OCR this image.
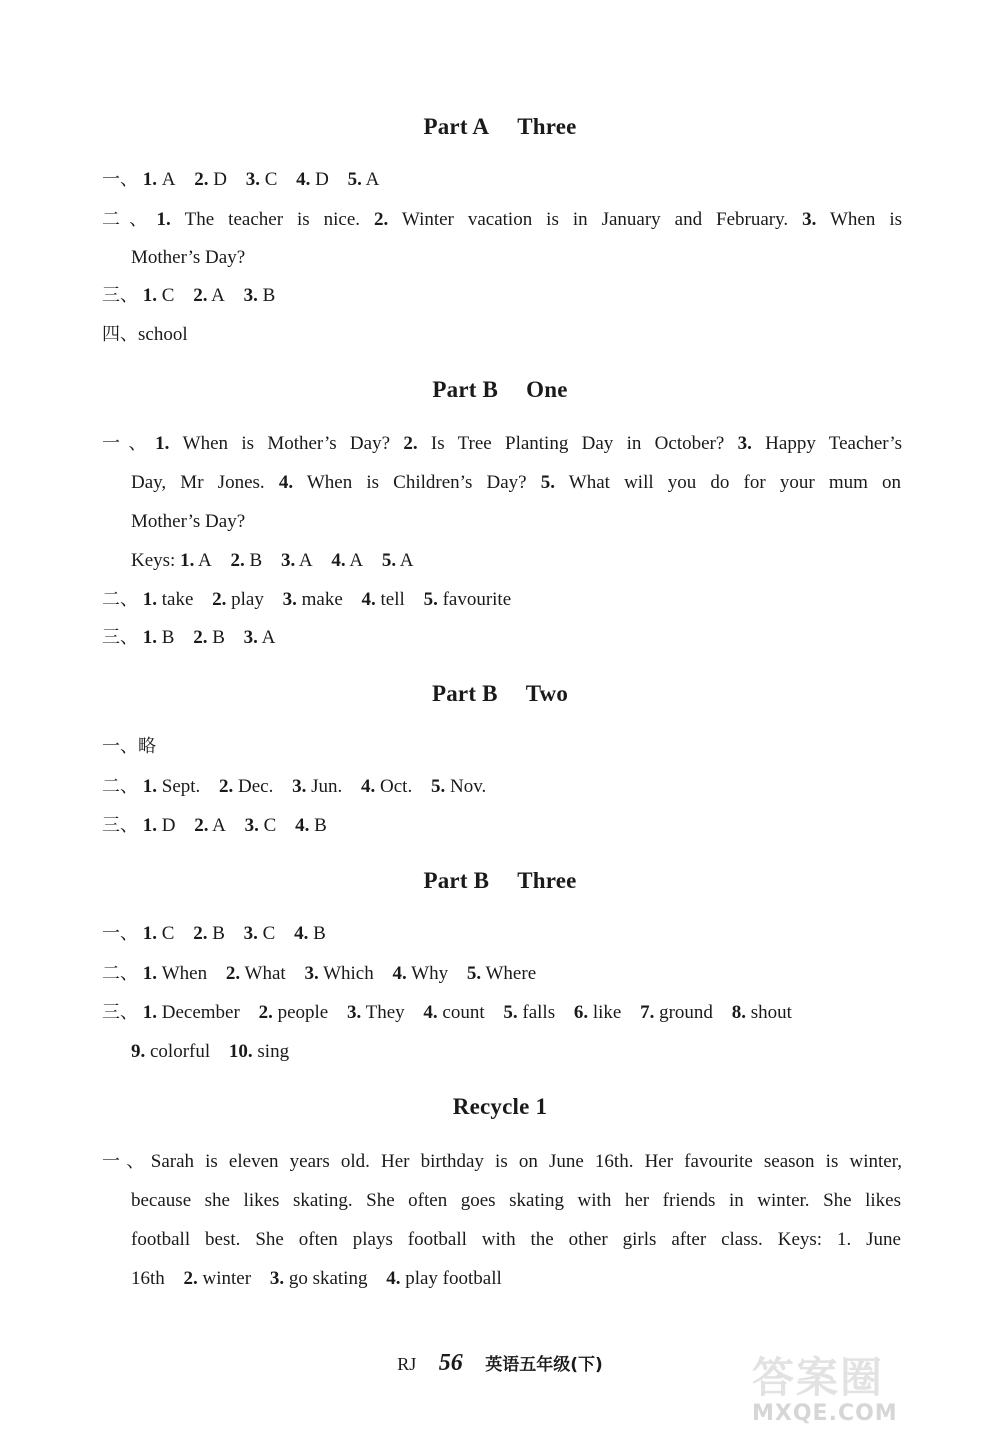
Part A Three
一、 1. A 2. D 3. C 4. D 5. A
二、1. The teacher is nice. 2. Winter vacation is in January and February. 3. When is
Mother’s Day?
三、 1. C 2. A 3. B
四、school
Part B One
一、1. When is Mother’s Day? 2. Is Tree Planting Day in October? 3. Happy Teacher’s
Day, Mr Jones. 4. When is Children’s Day? 5. What will you do for your mum on
Mother’s Day?
Keys: 1. A 2. B 3. A 4. A 5. A
二、 1. take 2. play 3. make 4. tell 5. favourite
三、 1. B 2. B 3. A
Part B Two
一、略
二、 1. Sept. 2. Dec. 3. Jun. 4. Oct. 5. Nov.
三、 1. D 2. A 3. C 4. B
Part B Three
一、 1. C 2. B 3. C 4. B
二、 1. When 2. What 3. Which 4. Why 5. Where
三、 1. December 2. people 3. They 4. count 5. falls 6. like 7. ground 8. shout
9. colorful 10. sing
Recycle 1
一、Sarah is eleven years old. Her birthday is on June 16th. Her favourite season is winter,
because she likes skating. She often goes skating with her friends in winter. She likes
football best. She often plays football with the other girls after class. Keys: 1. June
16th 2. winter 3. go skating 4. play football
RJ 56 英语五年级(下)	答案圈
MXQE.COM
